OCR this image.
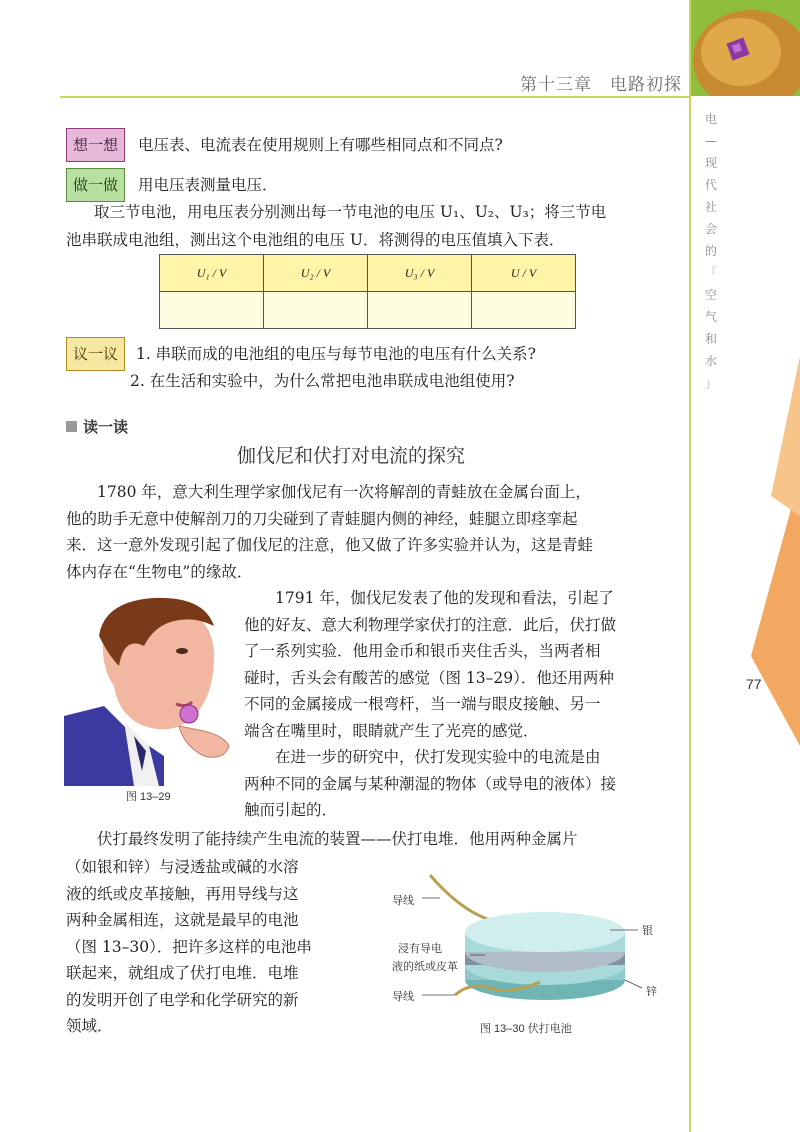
第十三章　电路初探
电
—
现
代
社
会
的
「
空
气
和
水
」
77
想一想 电压表、电流表在使用规则上有哪些相同点和不同点?
做一做 用电压表测量电压．
取三节电池，用电压表分别测出每一节电池的电压 U₁、U₂、U₃；将三节电
池串联成电池组，测出这个电池组的电压 U．将测得的电压值填入下表．
U₁ / V	U₂ / V	U₃ / V	U / V

议一议 1. 串联而成的电池组的电压与每节电池的电压有什么关系?
2. 在生活和实验中，为什么常把电池串联成电池组使用?
读一读
伽伐尼和伏打对电流的探究
　　1780 年，意大利生理学家伽伐尼有一次将解剖的青蛙放在金属台面上，
他的助手无意中使解剖刀的刀尖碰到了青蛙腿内侧的神经，蛙腿立即痉挛起
来．这一意外发现引起了伽伐尼的注意，他又做了许多实验并认为，这是青蛙
体内存在“生物电”的缘故．
图 13–29
　　1791 年，伽伐尼发表了他的发现和看法，引起了
他的好友、意大利物理学家伏打的注意．此后，伏打做
了一系列实验．他用金币和银币夹住舌头，当两者相
碰时，舌头会有酸苦的感觉（图 13–29）．他还用两种
不同的金属接成一根弯杆，当一端与眼皮接触、另一
端含在嘴里时，眼睛就产生了光亮的感觉．
　　在进一步的研究中，伏打发现实验中的电流是由
两种不同的金属与某种潮湿的物体（或导电的液体）接
触而引起的．
　　伏打最终发明了能持续产生电流的装置——伏打电堆．他用两种金属片
（如银和锌）与浸透盐或碱的水溶
液的纸或皮革接触，再用导线与这
两种金属相连，这就是最早的电池
（图 13–30）．把许多这样的电池串
联起来，就组成了伏打电堆．电堆
的发明开创了电学和化学研究的新
领域．
导线
银
浸有导电
液的纸或皮革
导线	锌
图 13–30 伏打电池
